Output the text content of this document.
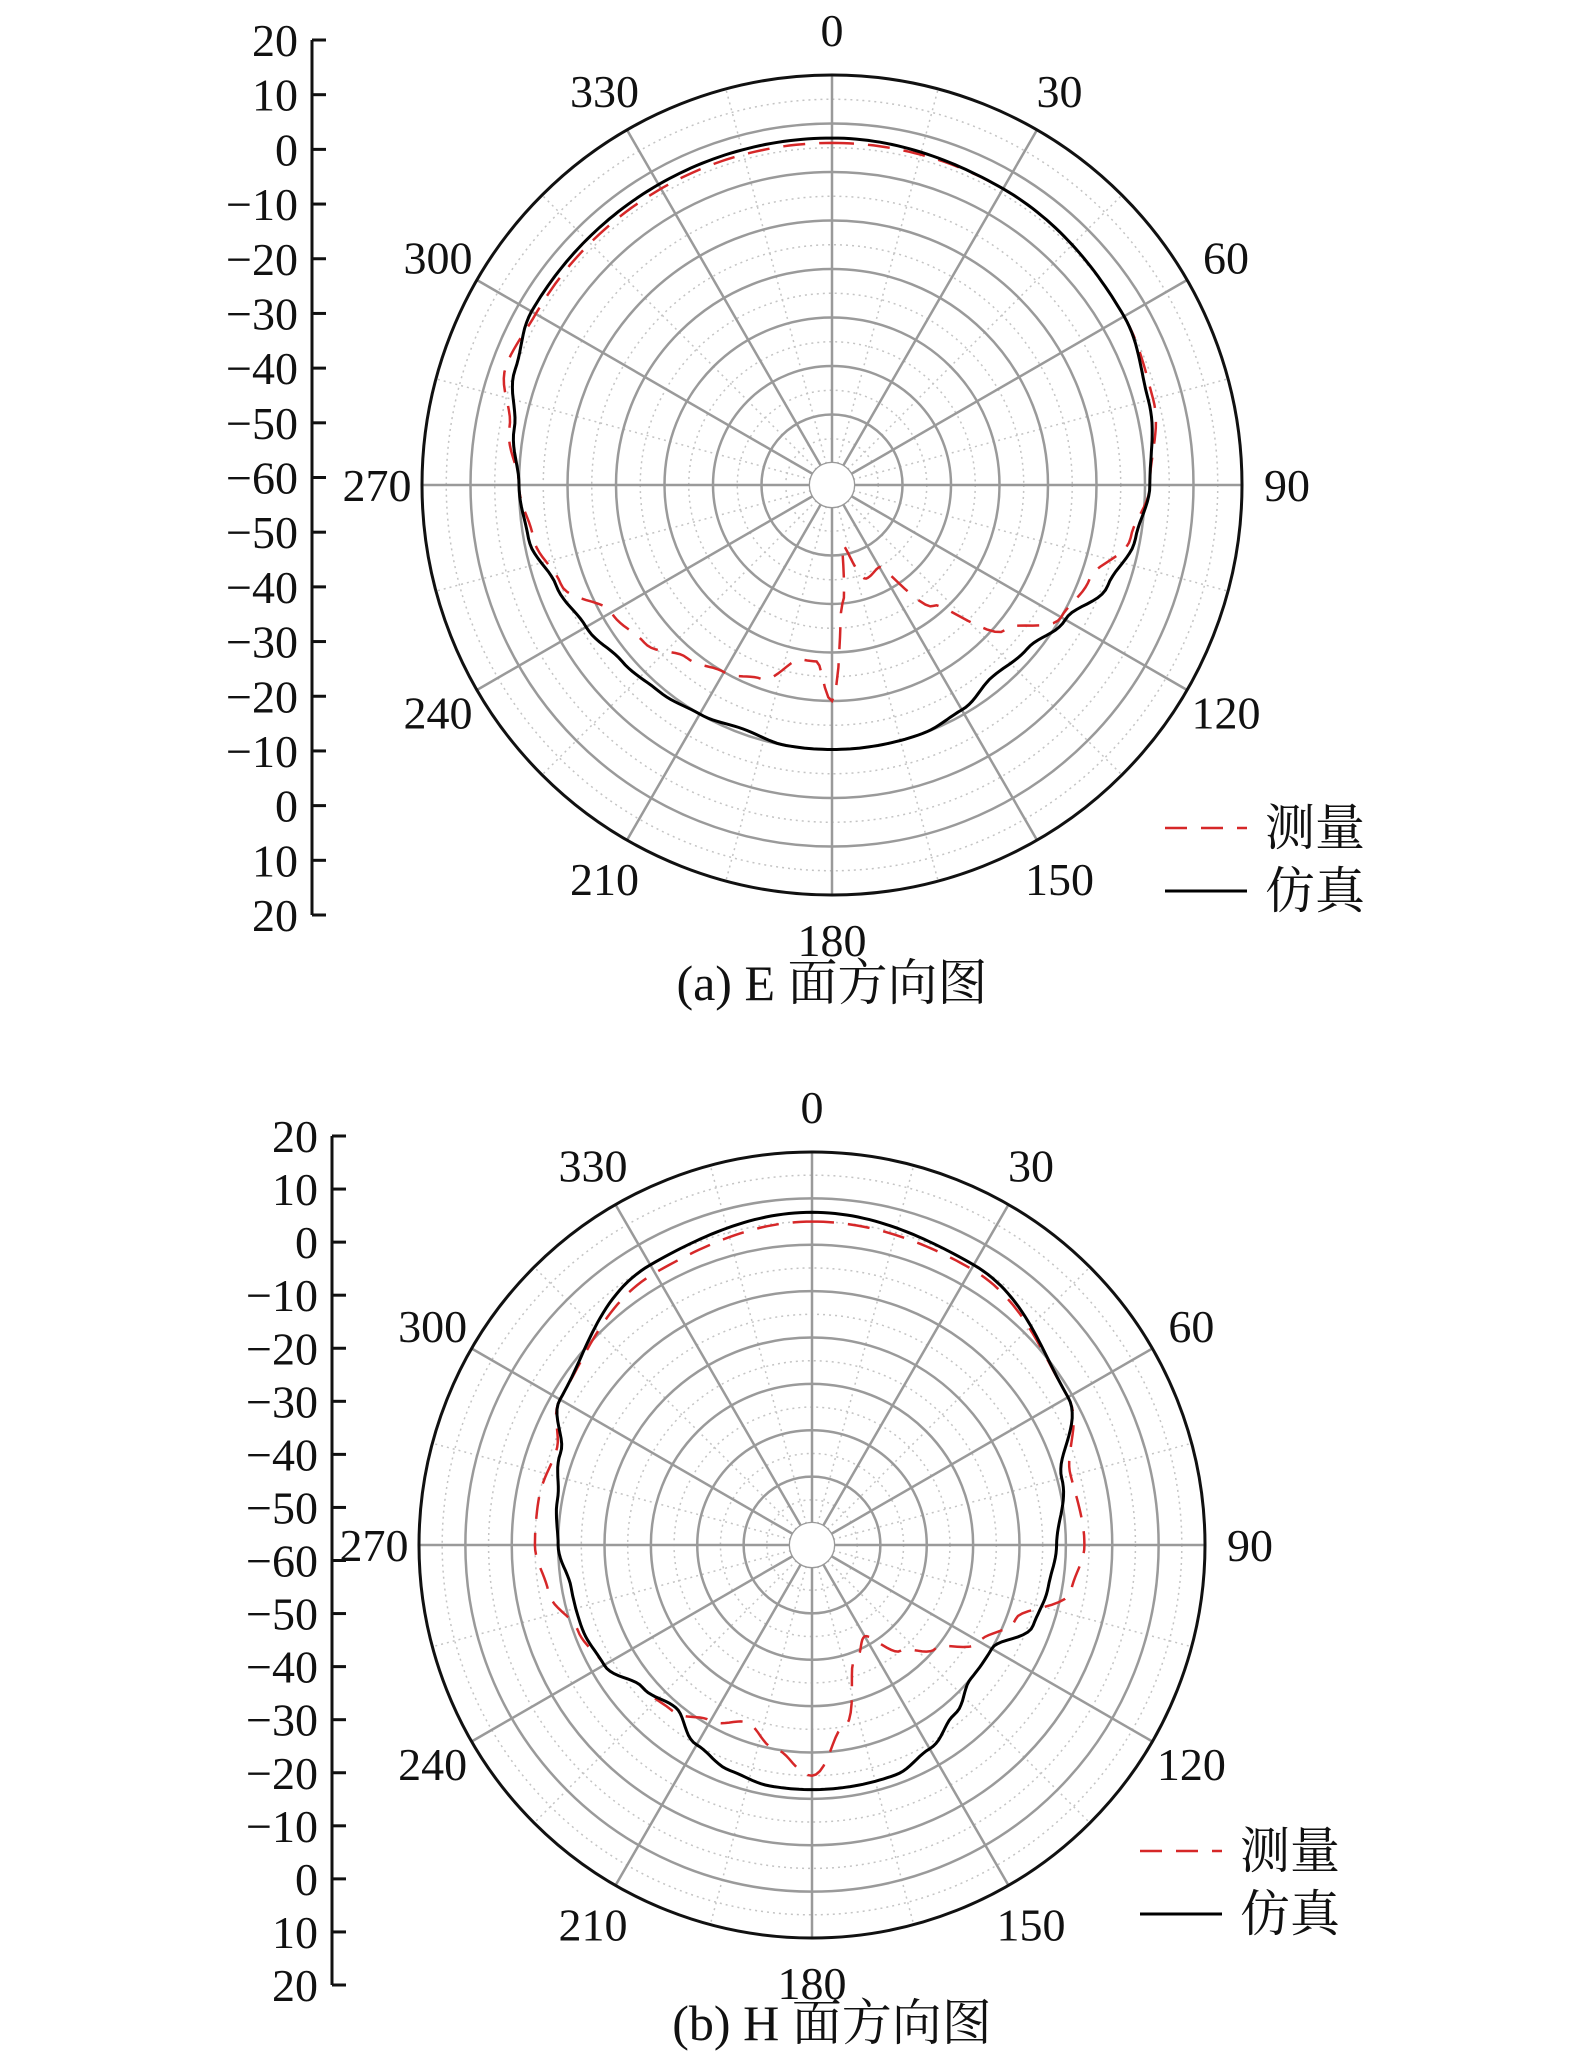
0
30
60
90
120
150
180
210
240
270
300
330
20
10
0
−10
−20
−30
−40
−50
−60
−50
−40
−30
−20
−10
0
10
20
测量
仿真
(a) E 面方向图
0
30
60
90
120
150
180
210
240
270
300
330
20
10
0
−10
−20
−30
−40
−50
−60
−50
−40
−30
−20
−10
0
10
20
测量
仿真
(b) H 面方向图
